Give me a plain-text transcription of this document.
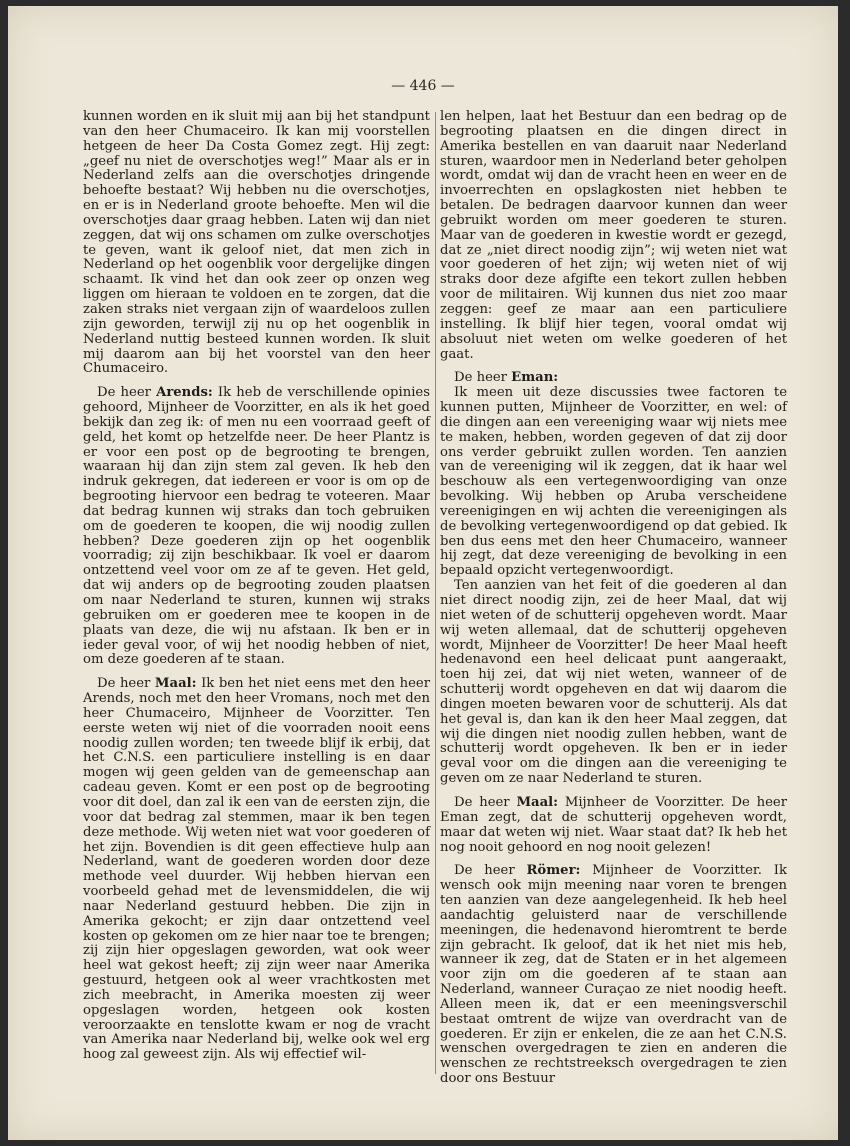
— 446 —

kunnen worden en ik sluit mij aan bij het standpunt van den heer Chumaceiro. Ik kan mij voorstellen hetgeen de heer Da Costa Gomez zegt. Hij zegt: „geef nu niet de overschotjes weg!” Maar als er in Nederland zelfs aan die overschotjes dringende behoefte bestaat? Wij hebben nu die overschotjes, en er is in Nederland groote behoefte. Men wil die overschotjes daar graag hebben. Laten wij dan niet zeggen, dat wij ons schamen om zulke overschotjes te geven, want ik geloof niet, dat men zich in Nederland op het oogenblik voor dergelijke dingen schaamt. Ik vind het dan ook zeer op onzen weg liggen om hieraan te voldoen en te zorgen, dat die zaken straks niet vergaan zijn of waardeloos zullen zijn geworden, terwijl zij nu op het oogenblik in Nederland nuttig besteed kunnen worden. Ik sluit mij daarom aan bij het voorstel van den heer Chumaceiro.

De heer Arends: Ik heb de verschillende opinies gehoord, Mijnheer de Voorzitter, en als ik het goed bekijk dan zeg ik: of men nu een voorraad geeft of geld, het komt op hetzelfde neer. De heer Plantz is er voor een post op de begrooting te brengen, waaraan hij dan zijn stem zal geven. Ik heb den indruk gekregen, dat iedereen er voor is om op de begrooting hiervoor een bedrag te voteeren. Maar dat bedrag kunnen wij straks dan toch gebruiken om de goederen te koopen, die wij noodig zullen hebben? Deze goederen zijn op het oogenblik voorradig; zij zijn beschikbaar. Ik voel er daarom ontzettend veel voor om ze af te geven. Het geld, dat wij anders op de begrooting zouden plaatsen om naar Nederland te sturen, kunnen wij straks gebruiken om er goederen mee te koopen in de plaats van deze, die wij nu afstaan. Ik ben er in ieder geval voor, of wij het noodig hebben of niet, om deze goederen af te staan.

De heer Maal: Ik ben het niet eens met den heer Arends, noch met den heer Vromans, noch met den heer Chumaceiro, Mijnheer de Voorzitter. Ten eerste weten wij niet of die voorraden nooit eens noodig zullen worden; ten tweede blijf ik erbij, dat het C.N.S. een particuliere instelling is en daar mogen wij geen gelden van de gemeenschap aan cadeau geven. Komt er een post op de begrooting voor dit doel, dan zal ik een van de eersten zijn, die voor dat bedrag zal stemmen, maar ik ben tegen deze methode. Wij weten niet wat voor goederen of het zijn. Bovendien is dit geen effectieve hulp aan Nederland, want de goederen worden door deze methode veel duurder. Wij hebben hiervan een voorbeeld gehad met de levensmiddelen, die wij naar Nederland gestuurd hebben. Die zijn in Amerika gekocht; er zijn daar ontzettend veel kosten op gekomen om ze hier naar toe te brengen; zij zijn hier opgeslagen geworden, wat ook weer heel wat gekost heeft; zij zijn weer naar Amerika gestuurd, hetgeen ook al weer vrachtkosten met zich meebracht, in Amerika moesten zij weer opgeslagen worden, hetgeen ook kosten veroorzaakte en tenslotte kwam er nog de vracht van Amerika naar Nederland bij, welke ook wel erg hoog zal geweest zijn. Als wij effectief wil-

len helpen, laat het Bestuur dan een bedrag op de begrooting plaatsen en die dingen direct in Amerika bestellen en van daaruit naar Nederland sturen, waardoor men in Nederland beter geholpen wordt, omdat wij dan de vracht heen en weer en de invoerrechten en opslagkosten niet hebben te betalen. De bedragen daarvoor kunnen dan weer gebruikt worden om meer goederen te sturen. Maar van de goederen in kwestie wordt er gezegd, dat ze „niet direct noodig zijn”; wij weten niet wat voor goederen of het zijn; wij weten niet of wij straks door deze afgifte een tekort zullen hebben voor de militairen. Wij kunnen dus niet zoo maar zeggen: geef ze maar aan een particuliere instelling. Ik blijf hier tegen, vooral omdat wij absoluut niet weten om welke goederen of het gaat.

De heer Eman:

Ik meen uit deze discussies twee factoren te kunnen putten, Mijnheer de Voorzitter, en wel: of die dingen aan een vereeniging waar wij niets mee te maken, hebben, worden gegeven of dat zij door ons verder gebruikt zullen worden. Ten aanzien van de vereeniging wil ik zeggen, dat ik haar wel beschouw als een vertegenwoordiging van onze bevolking. Wij hebben op Aruba verscheidene vereenigingen en wij achten die vereenigingen als de bevolking vertegenwoordigend op dat gebied. Ik ben dus eens met den heer Chumaceiro, wanneer hij zegt, dat deze vereeniging de bevolking in een bepaald opzicht vertegenwoordigt.

Ten aanzien van het feit of die goederen al dan niet direct noodig zijn, zei de heer Maal, dat wij niet weten of de schutterij opgeheven wordt. Maar wij weten allemaal, dat de schutterij opgeheven wordt, Mijnheer de Voorzitter! De heer Maal heeft hedenavond een heel delicaat punt aangeraakt, toen hij zei, dat wij niet weten, wanneer of de schutterij wordt opgeheven en dat wij daarom die dingen moeten bewaren voor de schutterij. Als dat het geval is, dan kan ik den heer Maal zeggen, dat wij die dingen niet noodig zullen hebben, want de schutterij wordt opgeheven. Ik ben er in ieder geval voor om die dingen aan die vereeniging te geven om ze naar Nederland te sturen.

De heer Maal: Mijnheer de Voorzitter. De heer Eman zegt, dat de schutterij opgeheven wordt, maar dat weten wij niet. Waar staat dat? Ik heb het nog nooit gehoord en nog nooit gelezen!

De heer Römer: Mijnheer de Voorzitter. Ik wensch ook mijn meening naar voren te brengen ten aanzien van deze aangelegenheid. Ik heb heel aandachtig geluisterd naar de verschillende meeningen, die hedenavond hieromtrent te berde zijn gebracht. Ik geloof, dat ik het niet mis heb, wanneer ik zeg, dat de Staten er in het algemeen voor zijn om die goederen af te staan aan Nederland, wanneer Curaçao ze niet noodig heeft. Alleen meen ik, dat er een meeningsverschil bestaat omtrent de wijze van overdracht van de goederen. Er zijn er enkelen, die ze aan het C.N.S. wenschen overgedragen te zien en anderen die wenschen ze rechtstreeksch overgedragen te zien door ons Bestuur
